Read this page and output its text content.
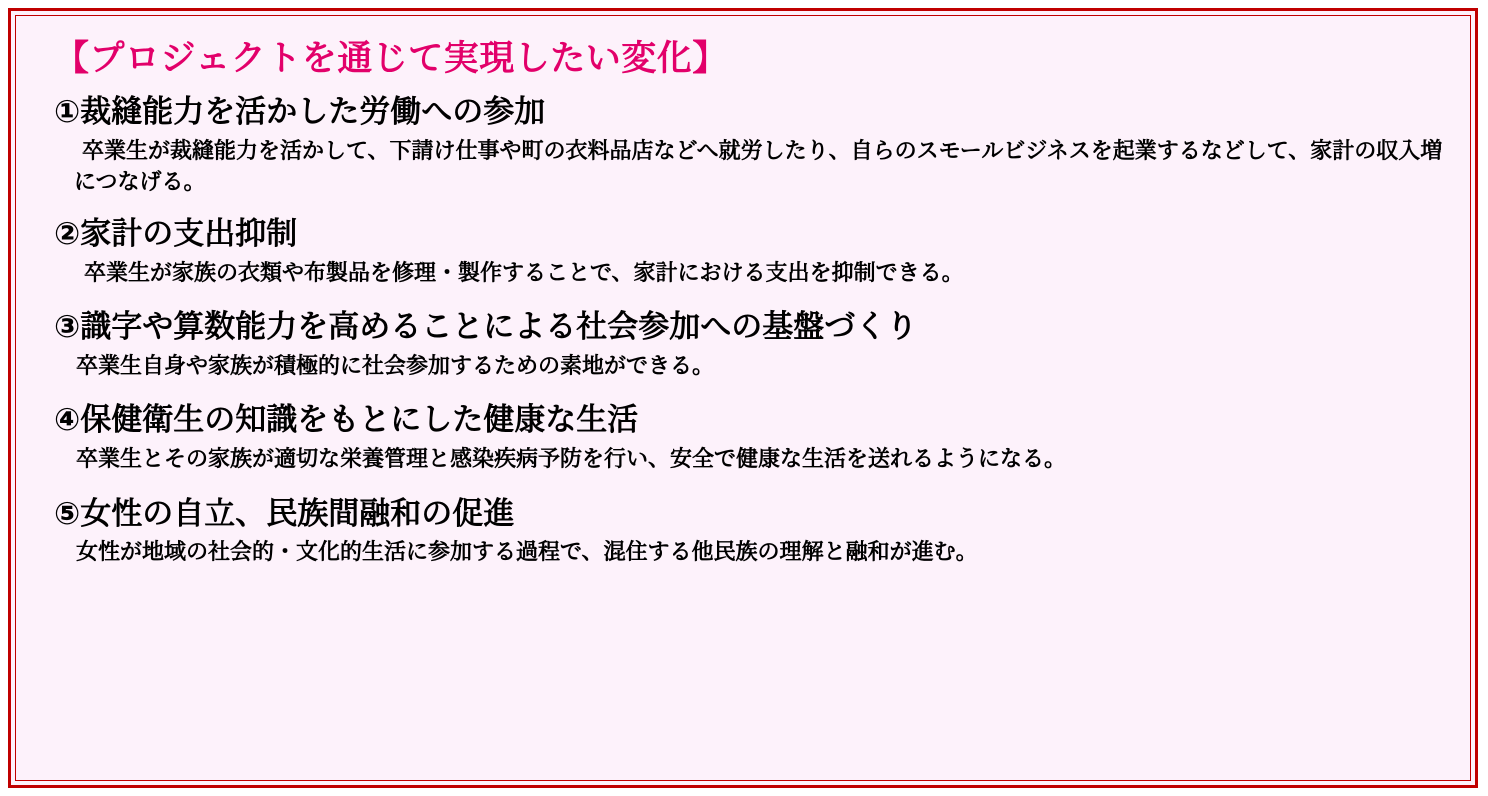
【プロジェクトを通じて実現したい変化】

①裁縫能力を活かした労働への参加

卒業生が裁縫能力を活かして、下請け仕事や町の衣料品店などへ就労したり、自らのスモールビジネスを起業するなどして、家計の収入増につなげる。

②家計の支出抑制

卒業生が家族の衣類や布製品を修理・製作することで、家計における支出を抑制できる。

③識字や算数能力を高めることによる社会参加への基盤づくり

卒業生自身や家族が積極的に社会参加するための素地ができる。

④保健衛生の知識をもとにした健康な生活

卒業生とその家族が適切な栄養管理と感染疾病予防を行い、安全で健康な生活を送れるようになる。

⑤女性の自立、民族間融和の促進

女性が地域の社会的・文化的生活に参加する過程で、混住する他民族の理解と融和が進む。
